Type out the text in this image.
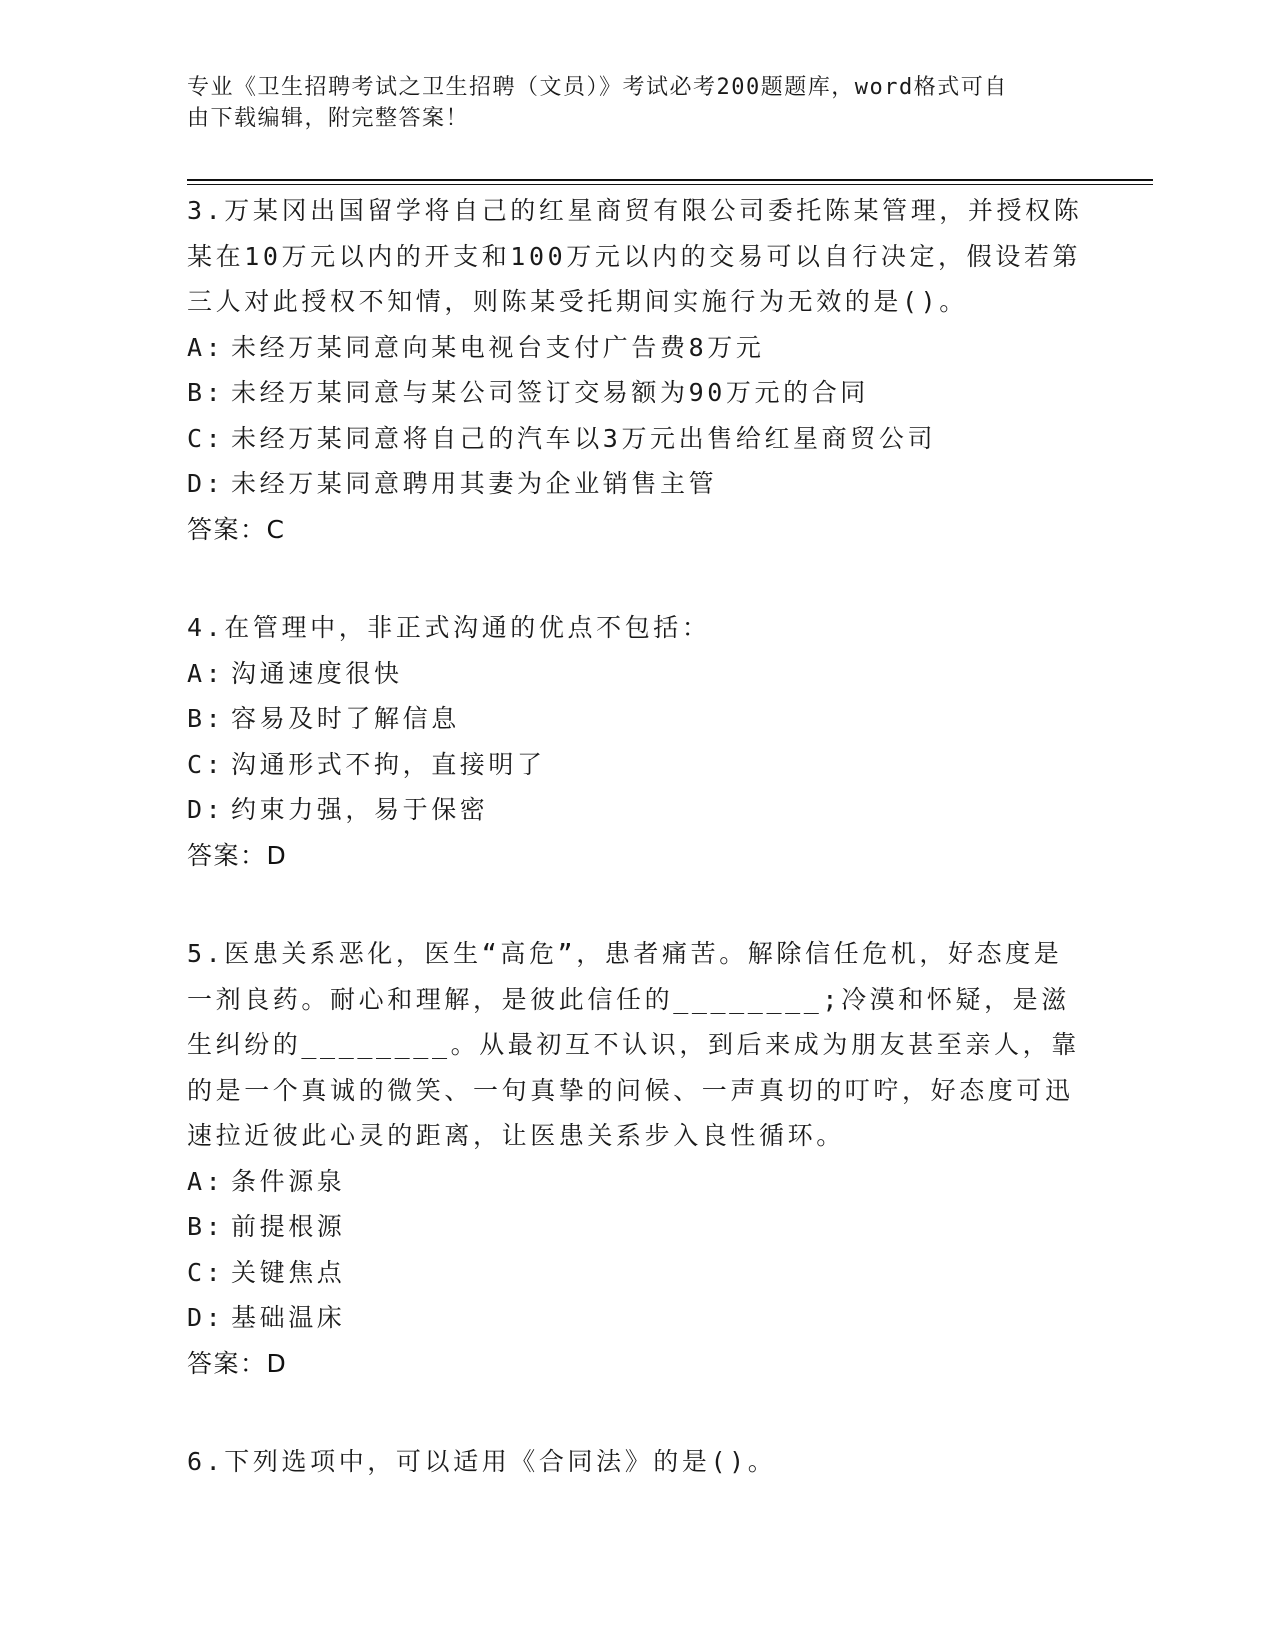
专业《卫生招聘考试之卫生招聘（文员）》考试必考200题题库，word格式可自
由下载编辑，附完整答案！
3.万某冈出国留学将自己的红星商贸有限公司委托陈某管理，并授权陈某在10万元以内的开支和100万元以内的交易可以自行决定，假设若第三人对此授权不知情，则陈某受托期间实施行为无效的是()。
A: 未经万某同意向某电视台支付广告费8万元
B: 未经万某同意与某公司签订交易额为90万元的合同
C: 未经万某同意将自己的汽车以3万元出售给红星商贸公司
D: 未经万某同意聘用其妻为企业销售主管
答案：C
4.在管理中，非正式沟通的优点不包括：
A: 沟通速度很快
B: 容易及时了解信息
C: 沟通形式不拘，直接明了
D: 约束力强，易于保密
答案：D
5.医患关系恶化，医生“高危”，患者痛苦。解除信任危机，好态度是一剂良药。耐心和理解，是彼此信任的________;冷漠和怀疑，是滋生纠纷的________。从最初互不认识，到后来成为朋友甚至亲人，靠的是一个真诚的微笑、一句真挚的问候、一声真切的叮咛，好态度可迅速拉近彼此心灵的距离，让医患关系步入良性循环。
A: 条件源泉
B: 前提根源
C: 关键焦点
D: 基础温床
答案：D
6.下列选项中，可以适用《合同法》的是()。
